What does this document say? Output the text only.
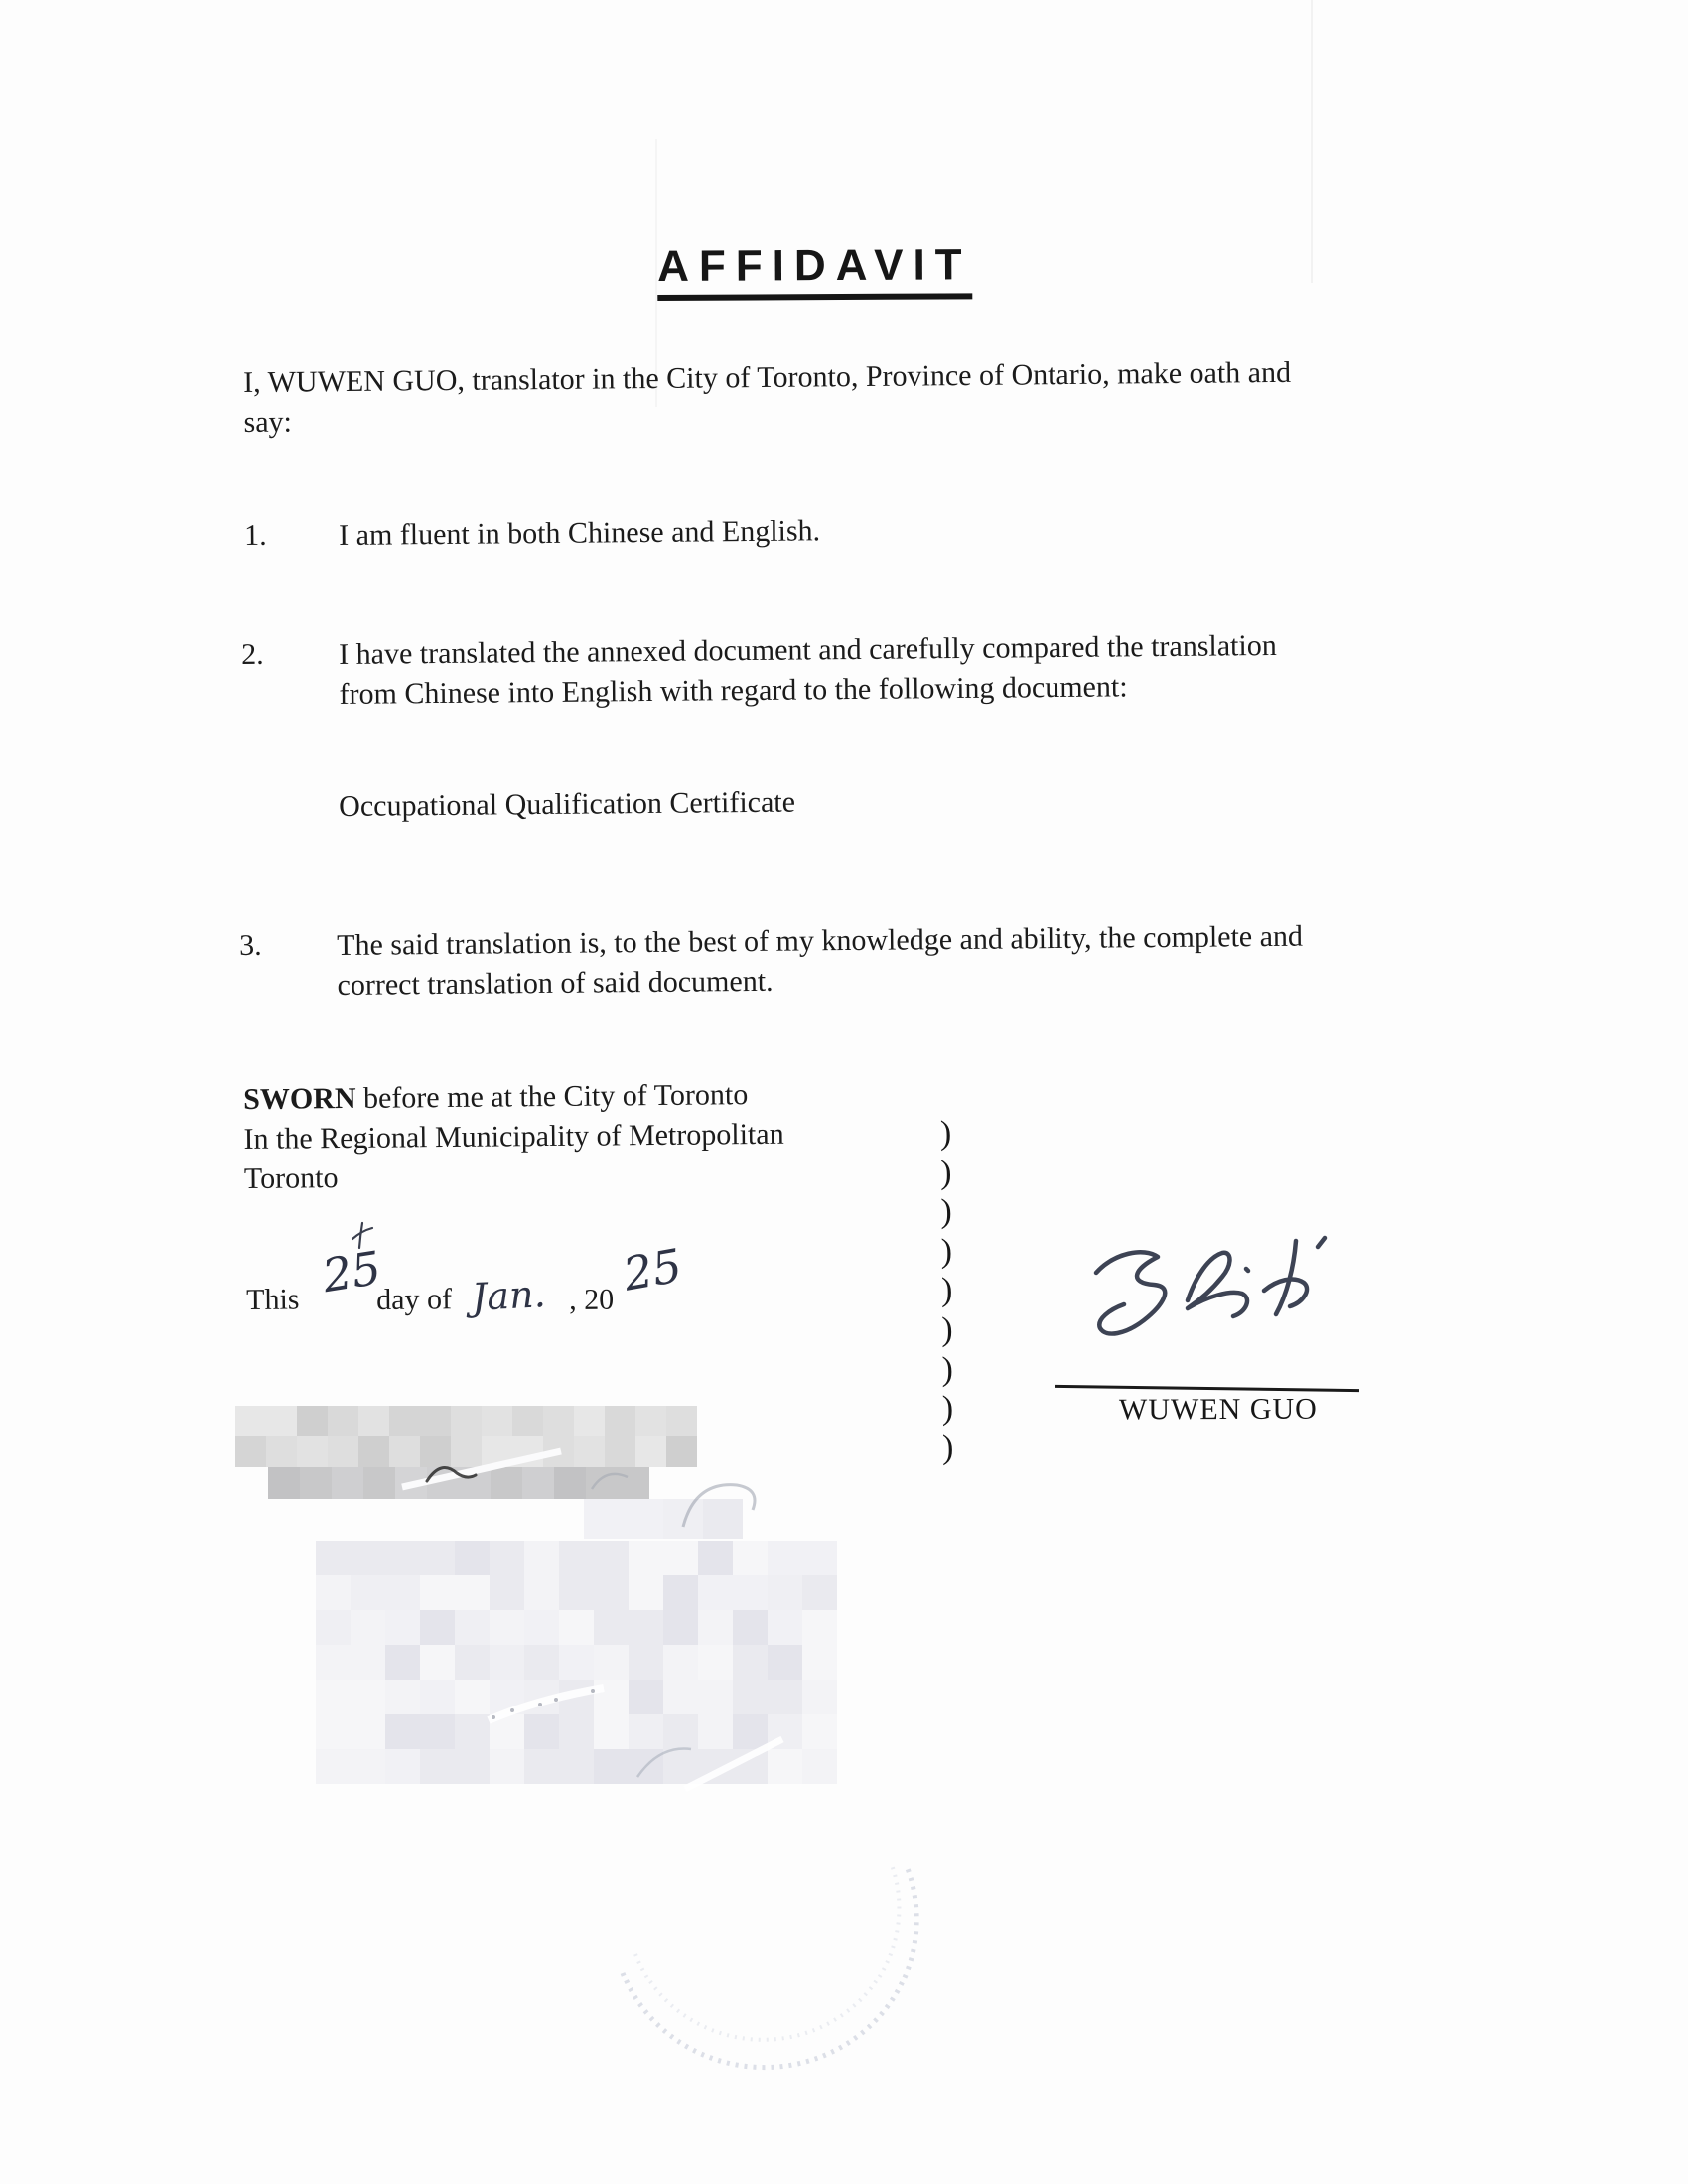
AFFIDAVIT
I, WUWEN GUO, translator in the City of Toronto, Province of Ontario, make oath and
say:
1. I am fluent in both Chinese and English.
2.	I have translated the annexed document and carefully compared the translation
from Chinese into English with regard to the following document:
Occupational Qualification Certificate
3.	The said translation is, to the best of my knowledge and ability, the complete and
correct translation of said document.
SWORN before me at the City of Toronto
In the Regional Municipality of Metropolitan
Toronto
)
)
)
)
)
)
)
)
)
This 25
day of Jan. , 20 25
WUWEN GUO
